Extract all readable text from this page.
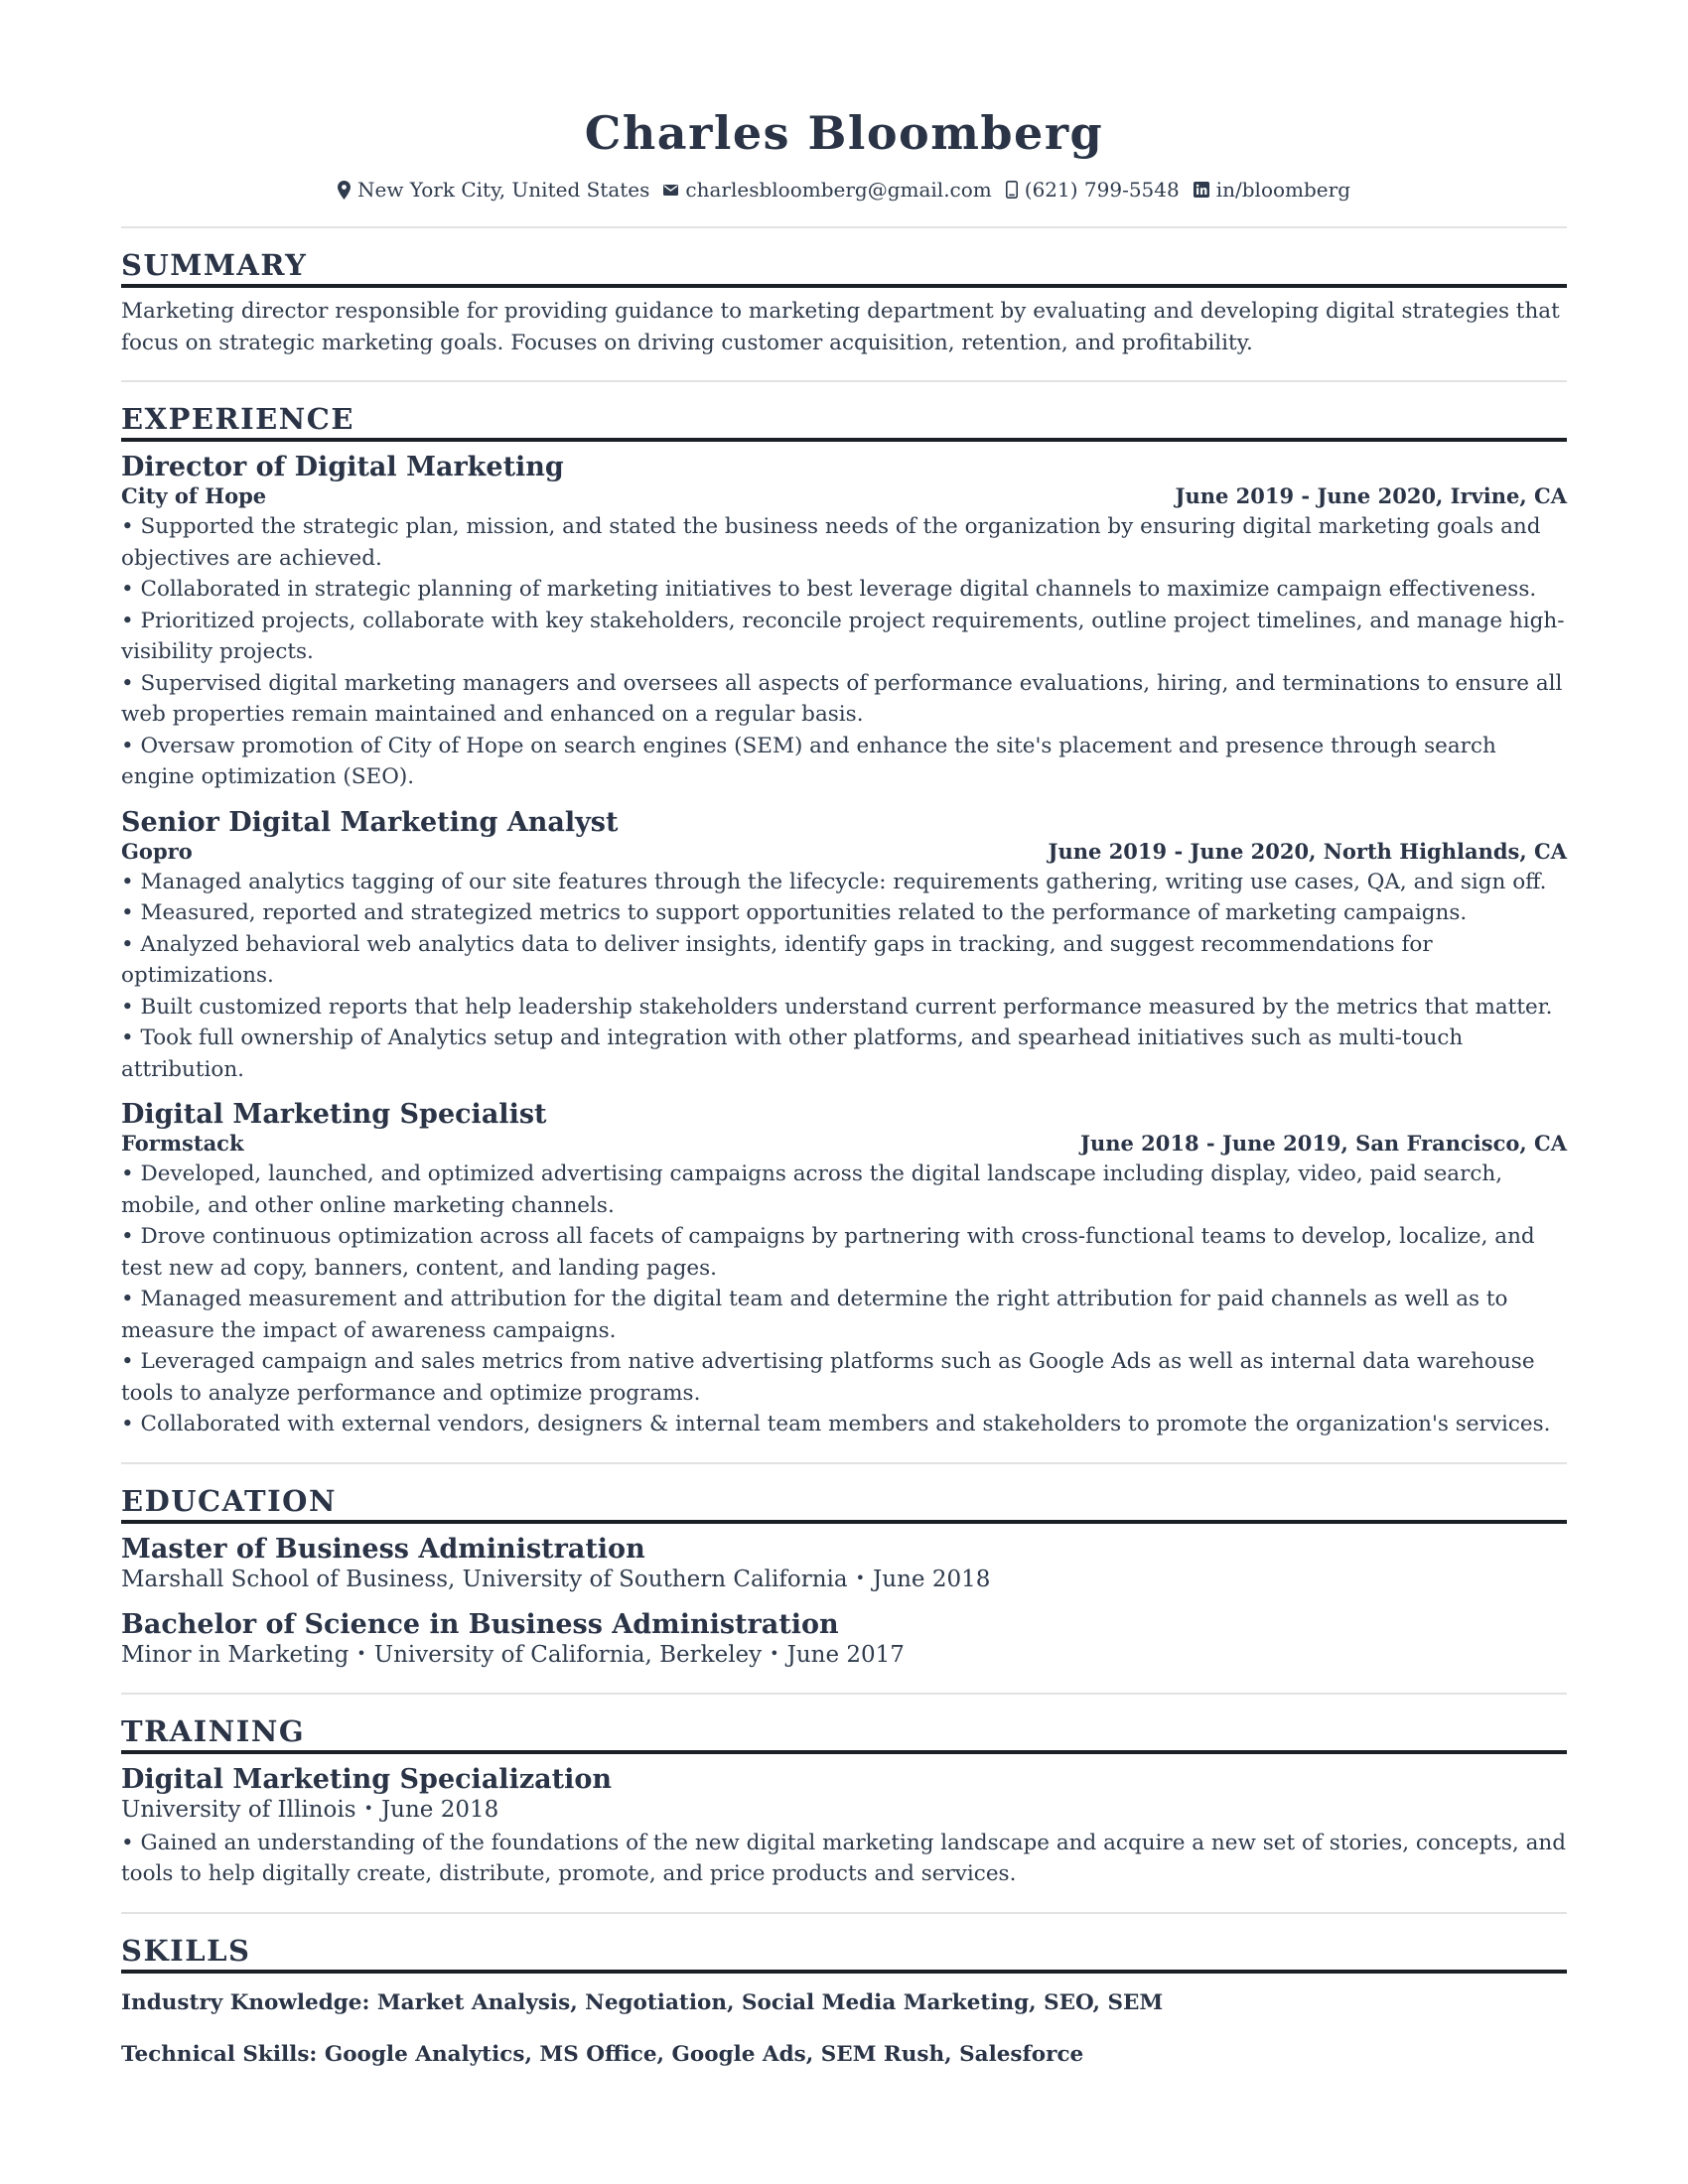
Charles Bloomberg
New York City, United States charlesbloomberg@gmail.com (621) 799-5548 in/bloomberg
SUMMARY

Marketing director responsible for providing guidance to marketing department by evaluating and developing digital strategies that focus on strategic marketing goals. Focuses on driving customer acquisition, retention, and profitability.

EXPERIENCE
Director of Digital Marketing
City of Hope	June 2019 - June 2020, Irvine, CA
• Supported the strategic plan, mission, and stated the business needs of the organization by ensuring digital marketing goals and objectives are achieved.
• Collaborated in strategic planning of marketing initiatives to best leverage digital channels to maximize campaign effectiveness.
• Prioritized projects, collaborate with key stakeholders, reconcile project requirements, outline project timelines, and manage high-visibility projects.
• Supervised digital marketing managers and oversees all aspects of performance evaluations, hiring, and terminations to ensure all web properties remain maintained and enhanced on a regular basis.
• Oversaw promotion of City of Hope on search engines (SEM) and enhance the site's placement and presence through search engine optimization (SEO).
Senior Digital Marketing Analyst
Gopro	June 2019 - June 2020, North Highlands, CA
• Managed analytics tagging of our site features through the lifecycle: requirements gathering, writing use cases, QA, and sign off.
• Measured, reported and strategized metrics to support opportunities related to the performance of marketing campaigns.
• Analyzed behavioral web analytics data to deliver insights, identify gaps in tracking, and suggest recommendations for optimizations.
• Built customized reports that help leadership stakeholders understand current performance measured by the metrics that matter.
• Took full ownership of Analytics setup and integration with other platforms, and spearhead initiatives such as multi-touch attribution.
Digital Marketing Specialist
Formstack	June 2018 - June 2019, San Francisco, CA
• Developed, launched, and optimized advertising campaigns across the digital landscape including display, video, paid search, mobile, and other online marketing channels.
• Drove continuous optimization across all facets of campaigns by partnering with cross-functional teams to develop, localize, and test new ad copy, banners, content, and landing pages.
• Managed measurement and attribution for the digital team and determine the right attribution for paid channels as well as to measure the impact of awareness campaigns.
• Leveraged campaign and sales metrics from native advertising platforms such as Google Ads as well as internal data warehouse tools to analyze performance and optimize programs.
• Collaborated with external vendors, designers & internal team members and stakeholders to promote the organization's services.
EDUCATION
Master of Business Administration
Marshall School of Business, University of Southern California • June 2018
Bachelor of Science in Business Administration
Minor in Marketing • University of California, Berkeley • June 2017
TRAINING
Digital Marketing Specialization
University of Illinois • June 2018
• Gained an understanding of the foundations of the new digital marketing landscape and acquire a new set of stories, concepts, and tools to help digitally create, distribute, promote, and price products and services.
SKILLS
Industry Knowledge: Market Analysis, Negotiation, Social Media Marketing, SEO, SEM
Technical Skills: Google Analytics, MS Office, Google Ads, SEM Rush, Salesforce
